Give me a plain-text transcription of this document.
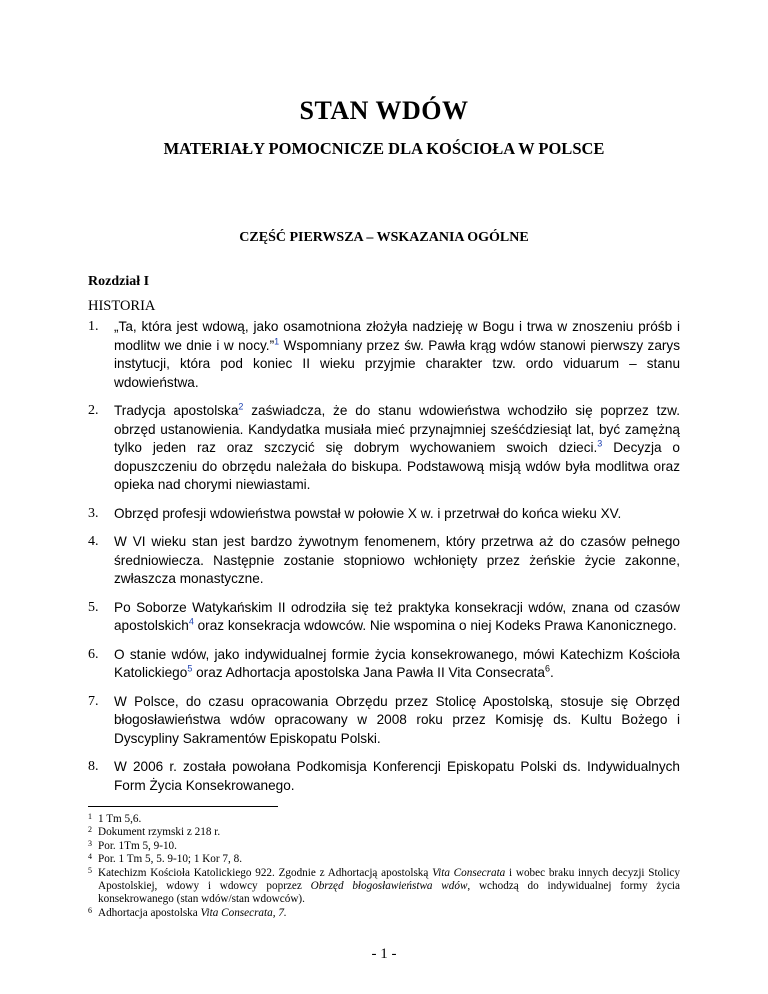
STAN WDÓW
MATERIAŁY POMOCNICZE DLA KOŚCIOŁA W POLSCE
CZĘŚĆ PIERWSZA – WSKAZANIA OGÓLNE
Rozdział I
HISTORIA
1. „Ta, która jest wdową, jako osamotniona złożyła nadzieję w Bogu i trwa w znoszeniu próśb i modlitw we dnie i w nocy.”$^1$ Wspomniany przez św. Pawła krąg wdów stanowi pierwszy zarys instytucji, która pod koniec II wieku przyjmie charakter tzw. ordo viduarum – stanu wdowieństwa.
2. Tradycja apostolska$^2$ zaświadcza, że do stanu wdowieństwa wchodziło się poprzez tzw. obrzęd ustanowienia. Kandydatka musiała mieć przynajmniej sześćdziesiąt lat, być zamężną tylko jeden raz oraz szczycić się dobrym wychowaniem swoich dzieci.$^3$ Decyzja o dopuszczeniu do obrzędu należała do biskupa. Podstawową misją wdów była modlitwa oraz opieka nad chorymi niewiastami.
3. Obrzęd profesji wdowieństwa powstał w połowie X w. i przetrwał do końca wieku XV.
4. W VI wieku stan jest bardzo żywotnym fenomenem, który przetrwa aż do czasów pełnego średniowiecza. Następnie zostanie stopniowo wchłonięty przez żeńskie życie zakonne, zwłaszcza monastyczne.
5. Po Soborze Watykańskim II odrodziła się też praktyka konsekracji wdów, znana od czasów apostolskich$^4$ oraz konsekracja wdowców. Nie wspomina o niej Kodeks Prawa Kanonicznego.
6. O stanie wdów, jako indywidualnej formie życia konsekrowanego, mówi Katechizm Kościoła Katolickiego$^5$ oraz Adhortacja apostolska Jana Pawła II Vita Consecrata$^6$.
7. W Polsce, do czasu opracowania Obrzędu przez Stolicę Apostolską, stosuje się Obrzęd błogosławieństwa wdów opracowany w 2008 roku przez Komisję ds. Kultu Bożego i Dyscypliny Sakramentów Episkopatu Polski.
8. W 2006 r. została powołana Podkomisja Konferencji Episkopatu Polski ds. Indywidualnych Form Życia Konsekrowanego.
1 1 Tm 5,6.
2 Dokument rzymski z 218 r.
3 Por. 1Tm 5, 9-10.
4 Por. 1 Tm 5, 5. 9-10; 1 Kor 7, 8.
5 Katechizm Kościoła Katolickiego 922. Zgodnie z Adhortacją apostolską Vita Consecrata i wobec braku innych decyzji Stolicy Apostolskiej, wdowy i wdowcy poprzez Obrzęd błogosławieństwa wdów, wchodzą do indywidualnej formy życia konsekrowanego (stan wdów/stan wdowców).
6 Adhortacja apostolska Vita Consecrata, 7.
- 1 -
